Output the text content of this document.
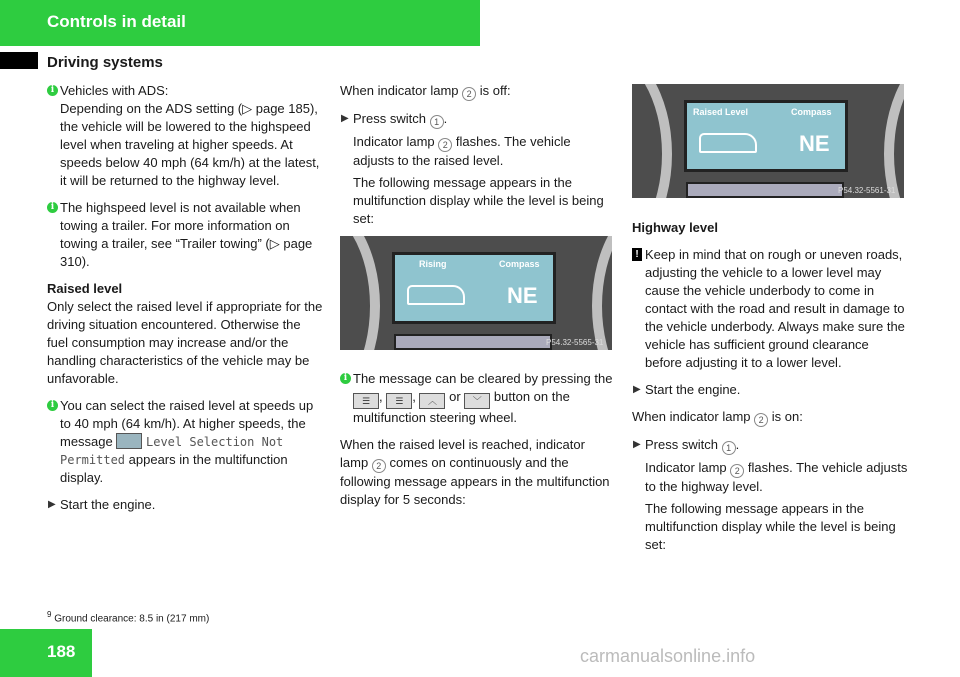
Controls in detail
Driving systems
i Vehicles with ADS:

Depending on the ADS setting (▷ page 185), the vehicle will be lowered to the highspeed level when traveling at higher speeds. At speeds below 40 mph (64 km/h) at the latest, it will be returned to the highway level.

i The highspeed level is not available when towing a trailer. For more information on towing a trailer, see “Trailer towing” (▷ page 310).

Raised level

Only select the raised level if appropriate for the driving situation encountered. Otherwise the fuel consumption may increase and/or the handling characteristics of the vehicle may be unfavorable.

i You can select the raised level at speeds up to 40 mph (64 km/h). At higher speeds, the message	Level Selection Not Permitted appears in the multifunction display.

▶ Start the engine.

When indicator lamp 2 is off:

▶ Press switch 1 .

Indicator lamp 2 flashes. The vehicle adjusts to the raised level.

The following message appears in the multifunction display while the level is being set:

Rising	Compass
NE
P54.32-5565-31
i The message can be cleared by pressing the ☰ , ☰ , ︿ or ﹀ button on the multifunction steering wheel.

When the raised level is reached, indicator lamp 2 comes on continuously and the following message appears in the multifunction display for 5 seconds:

Raised Level	Compass
NE
P54.32-5561-31

Highway level

! Keep in mind that on rough or uneven roads, adjusting the vehicle to a lower level may cause the vehicle underbody to come in contact with the road and result in damage to the vehicle underbody. Always make sure the vehicle has sufficient ground clearance before adjusting it to a lower level.

▶ Start the engine.

When indicator lamp 2 is on:

▶ Press switch 1 .

Indicator lamp 2 flashes. The vehicle adjusts to the highway level.

The following message appears in the multifunction display while the level is being set:

$^9$ Ground clearance: 8.5 in (217 mm)
188	carmanualsonline.info
